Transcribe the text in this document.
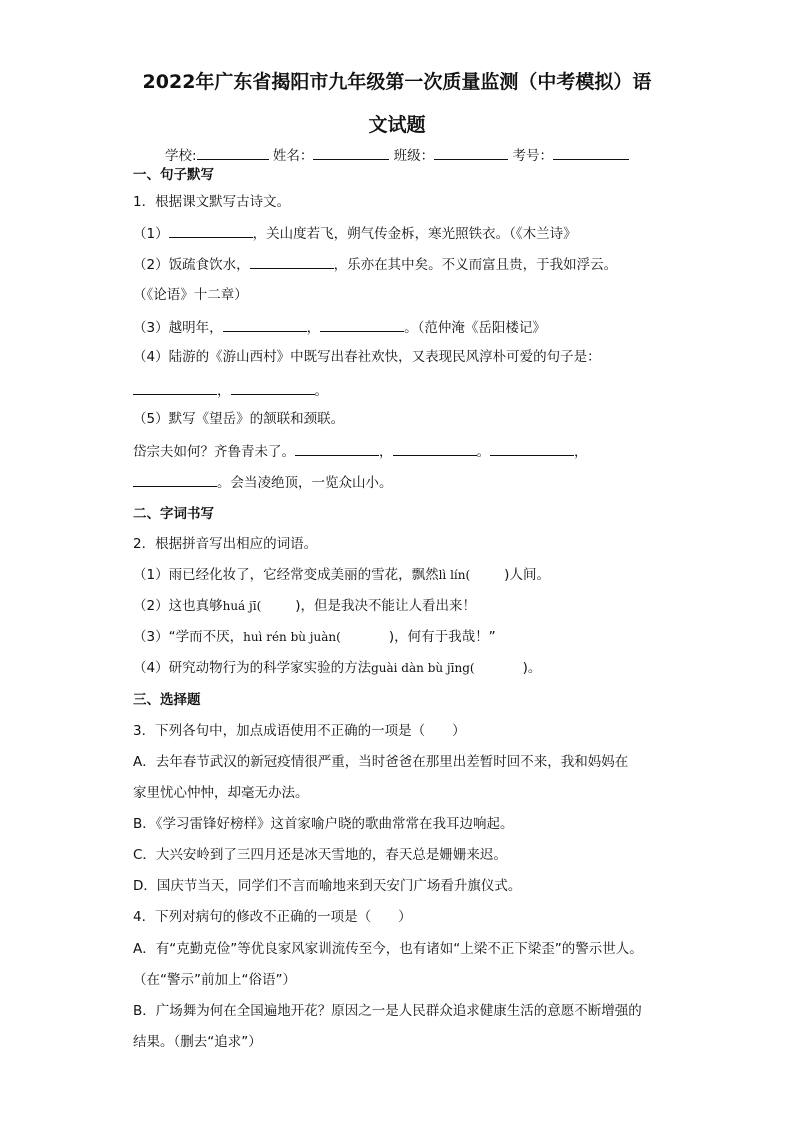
2022年广东省揭阳市九年级第一次质量监测（中考模拟）语
文试题
学校:	姓名：	班级：	考号：
一、句子默写
1．根据课文默写古诗文。
（1）	，关山度若飞，朔气传金柝，寒光照铁衣。（《木兰诗》
（2）饭疏食饮水，	，乐亦在其中矣。不义而富且贵，于我如浮云。
（《论语》十二章）
（3）越明年，	，	。（范仲淹《岳阳楼记》
（4）陆游的《游山西村》中既写出春社欢快，又表现民风淳朴可爱的句子是：
，	。
（5）默写《望岳》的颔联和颈联。
岱宗夫如何？齐鲁青未了。	，	。	，
。会当凌绝顶，一览众山小。
二、字词书写
2．根据拼音写出相应的词语。
（1）雨已经化妆了，它经常变成美丽的雪花，飘然lì lín(	)人间。
（2）这也真够huá jī(	)，但是我决不能让人看出来！
（3）“学而不厌，huì rén bù juàn(	)，何有于我哉！”
（4）研究动物行为的科学家实验的方法guài dàn bù jīng(	)。
三、选择题
3．下列各句中，加点成语使用不正确的一项是（　　）
A．去年春节武汉的新冠疫情很严重，当时爸爸在那里出差暂时回不来，我和妈妈在
家里忧心忡忡，却毫无办法。
B．《学习雷锋好榜样》这首家喻户晓的歌曲常常在我耳边响起。
C．大兴安岭到了三四月还是冰天雪地的，春天总是姗姗来迟。
D．国庆节当天，同学们不言而喻地来到天安门广场看升旗仪式。
4．下列对病句的修改不正确的一项是（　　）
A．有“克勤克俭”等优良家风家训流传至今，也有诸如“上梁不正下梁歪”的警示世人。
（在“警示”前加上“俗语”）
B．广场舞为何在全国遍地开花？原因之一是人民群众追求健康生活的意愿不断增强的
结果。（删去“追求”）
